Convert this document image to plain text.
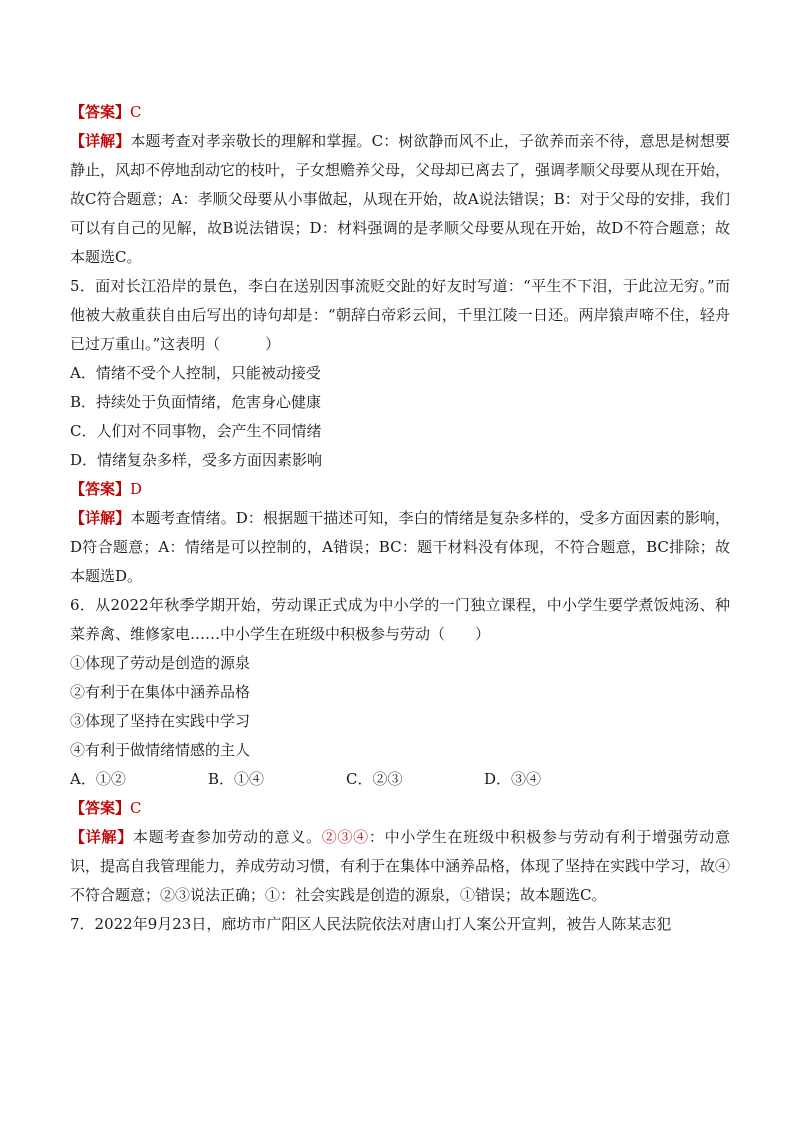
【答案】C

【详解】本题考查对孝亲敬长的理解和掌握。C：树欲静而风不止，子欲养而亲不待，意思是树想要静止，风却不停地刮动它的枝叶，子女想赡养父母，父母却已离去了，强调孝顺父母要从现在开始，故C符合题意；A：孝顺父母要从小事做起，从现在开始，故A说法错误；B：对于父母的安排，我们可以有自己的见解，故B说法错误；D：材料强调的是孝顺父母要从现在开始，故D不符合题意；故本题选C。

5．面对长江沿岸的景色，李白在送别因事流贬交趾的好友时写道：“平生不下泪，于此泣无穷。”而他被大赦重获自由后写出的诗句却是：“朝辞白帝彩云间，千里江陵一日还。两岸猿声啼不住，轻舟已过万重山。”这表明（　　　）

A．情绪不受个人控制，只能被动接受

B．持续处于负面情绪，危害身心健康

C．人们对不同事物，会产生不同情绪

D．情绪复杂多样，受多方面因素影响

【答案】D

【详解】本题考查情绪。D：根据题干描述可知，李白的情绪是复杂多样的，受多方面因素的影响，D符合题意；A：情绪是可以控制的，A错误；BC：题干材料没有体现，不符合题意，BC排除；故本题选D。

6．从2022年秋季学期开始，劳动课正式成为中小学的一门独立课程，中小学生要学煮饭炖汤、种菜养禽、维修家电……中小学生在班级中积极参与劳动（　　）

①体现了劳动是创造的源泉

②有利于在集体中涵养品格

③体现了坚持在实践中学习

④有利于做情绪情感的主人

A．①②	B．①④	C．②③	D．③④

【答案】C

【详解】本题考查参加劳动的意义。②③④：中小学生在班级中积极参与劳动有利于增强劳动意识，提高自我管理能力，养成劳动习惯，有利于在集体中涵养品格，体现了坚持在实践中学习，故④不符合题意；②③说法正确；①：社会实践是创造的源泉，①错误；故本题选C。

7．2022年9月23日，廊坊市广阳区人民法院依法对唐山打人案公开宣判，被告人陈某志犯
